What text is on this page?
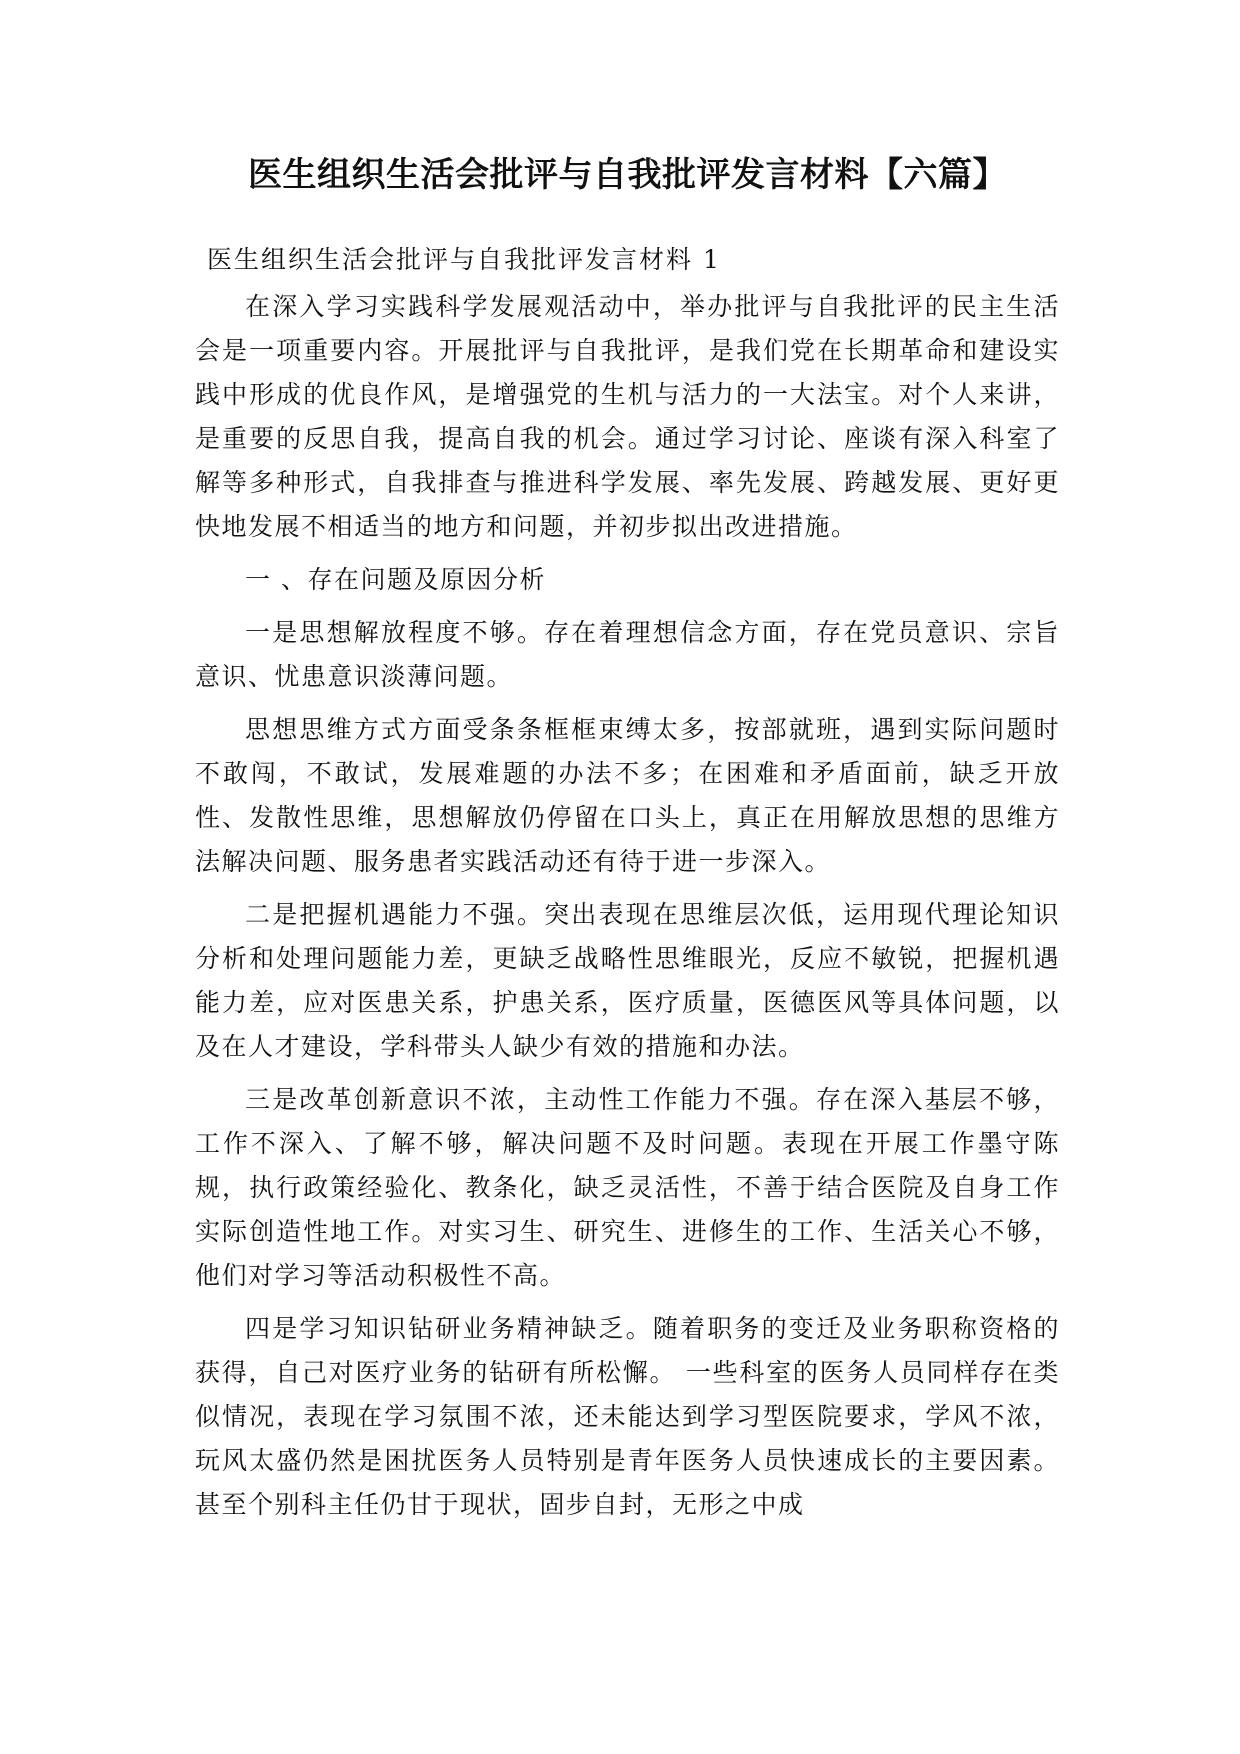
医生组织生活会批评与自我批评发言材料【六篇】

医生组织生活会批评与自我批评发言材料 1

在深入学习实践科学发展观活动中，举办批评与自我批评的民主生活会是一项重要内容。开展批评与自我批评，是我们党在长期革命和建设实践中形成的优良作风，是增强党的生机与活力的一大法宝。对个人来讲，是重要的反思自我，提高自我的机会。通过学习讨论、座谈有深入科室了解等多种形式，自我排查与推进科学发展、率先发展、跨越发展、更好更快地发展不相适当的地方和问题，并初步拟出改进措施。

一 、存在问题及原因分析

一是思想解放程度不够。存在着理想信念方面，存在党员意识、宗旨意识、忧患意识淡薄问题。

思想思维方式方面受条条框框束缚太多，按部就班，遇到实际问题时不敢闯，不敢试，发展难题的办法不多；在困难和矛盾面前，缺乏开放性、发散性思维，思想解放仍停留在口头上，真正在用解放思想的思维方法解决问题、服务患者实践活动还有待于进一步深入。

二是把握机遇能力不强。突出表现在思维层次低，运用现代理论知识分析和处理问题能力差，更缺乏战略性思维眼光，反应不敏锐，把握机遇能力差，应对医患关系，护患关系，医疗质量，医德医风等具体问题，以及在人才建设，学科带头人缺少有效的措施和办法。

三是改革创新意识不浓，主动性工作能力不强。存在深入基层不够，工作不深入、了解不够，解决问题不及时问题。表现在开展工作墨守陈规，执行政策经验化、教条化，缺乏灵活性，不善于结合医院及自身工作实际创造性地工作。对实习生、研究生、进修生的工作、生活关心不够，他们对学习等活动积极性不高。

四是学习知识钻研业务精神缺乏。随着职务的变迁及业务职称资格的获得，自己对医疗业务的钻研有所松懈。 一些科室的医务人员同样存在类似情况，表现在学习氛围不浓，还未能达到学习型医院要求，学风不浓，玩风太盛仍然是困扰医务人员特别是青年医务人员快速成长的主要因素。甚至个别科主任仍甘于现状，固步自封，无形之中成
